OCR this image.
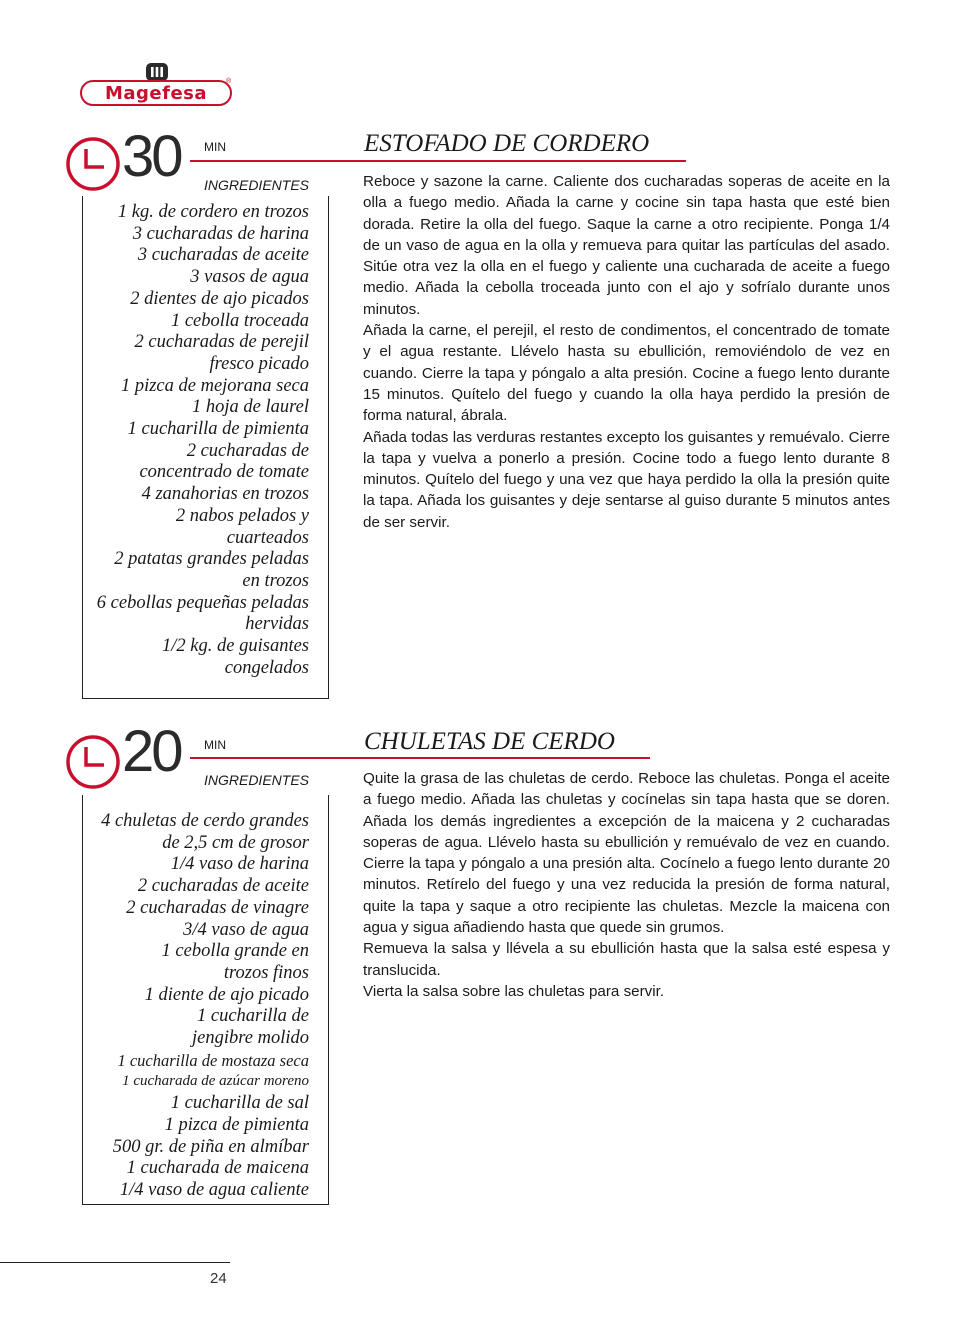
Magefesa
®
30 MIN	ESTOFADO DE CORDERO
INGREDIENTES
1 kg. de cordero en trozos
3 cucharadas de harina
3 cucharadas de aceite
3 vasos de agua
2 dientes de ajo picados
1 cebolla troceada
2 cucharadas de perejil
fresco picado
1 pizca de mejorana seca
1 hoja de laurel
1 cucharilla de pimienta
2 cucharadas de
concentrado de tomate
4 zanahorias en trozos
2 nabos pelados y
cuarteados
2 patatas grandes peladas
en trozos
6 cebollas pequeñas peladas
hervidas
1/2 kg. de guisantes
congelados

Reboce y sazone la carne. Caliente dos cucharadas soperas de aceite en la olla a fuego medio. Añada la carne y cocine sin tapa hasta que esté bien dorada. Retire la olla del fuego. Saque la carne a otro recipiente. Ponga 1/4 de un vaso de agua en la olla y remueva para quitar las partículas del asado. Sitúe otra vez la olla en el fuego y caliente una cucharada de aceite a fuego medio. Añada la cebolla troceada junto con el ajo y sofríalo durante unos minutos.

Añada la carne, el perejil, el resto de condimentos, el concentrado de tomate y el agua restante. Llévelo hasta su ebullición, removiéndolo de vez en cuando. Cierre la tapa y póngalo a alta presión. Cocine a fuego lento durante 15 minutos. Quítelo del fuego y cuando la olla haya perdido la presión de forma natural, ábrala.

Añada todas las verduras restantes excepto los guisantes y remuévalo. Cierre la tapa y vuelva a ponerlo a presión. Cocine todo a fuego lento durante 8 minutos. Quítelo del fuego y una vez que haya perdido la olla la presión quite la tapa. Añada los guisantes y deje sentarse al guiso durante 5 minutos antes de ser servir.

20 MIN	CHULETAS DE CERDO
INGREDIENTES
4 chuletas de cerdo grandes
de 2,5 cm de grosor
1/4 vaso de harina
2 cucharadas de aceite
2 cucharadas de vinagre
3/4 vaso de agua
1 cebolla grande en
trozos finos
1 diente de ajo picado
1 cucharilla de
jengibre molido
1 cucharilla de mostaza seca
1 cucharada de azúcar moreno
1 cucharilla de sal
1 pizca de pimienta
500 gr. de piña en almíbar
1 cucharada de maicena
1/4 vaso de agua caliente

Quite la grasa de las chuletas de cerdo. Reboce las chuletas. Ponga el aceite a fuego medio. Añada las chuletas y cocínelas sin tapa hasta que se doren. Añada los demás ingredientes a excepción de la maicena y 2 cucharadas soperas de agua. Llévelo hasta su ebullición y remuévalo de vez en cuando. Cierre la tapa y póngalo a una presión alta. Cocínelo a fuego lento durante 20 minutos. Retírelo del fuego y una vez reducida la presión de forma natural, quite la tapa y saque a otro recipiente las chuletas. Mezcle la maicena con agua y sigua añadiendo hasta que quede sin grumos.

Remueva la salsa y llévela a su ebullición hasta que la salsa esté espesa y translucida.

Vierta la salsa sobre las chuletas para servir.

24
